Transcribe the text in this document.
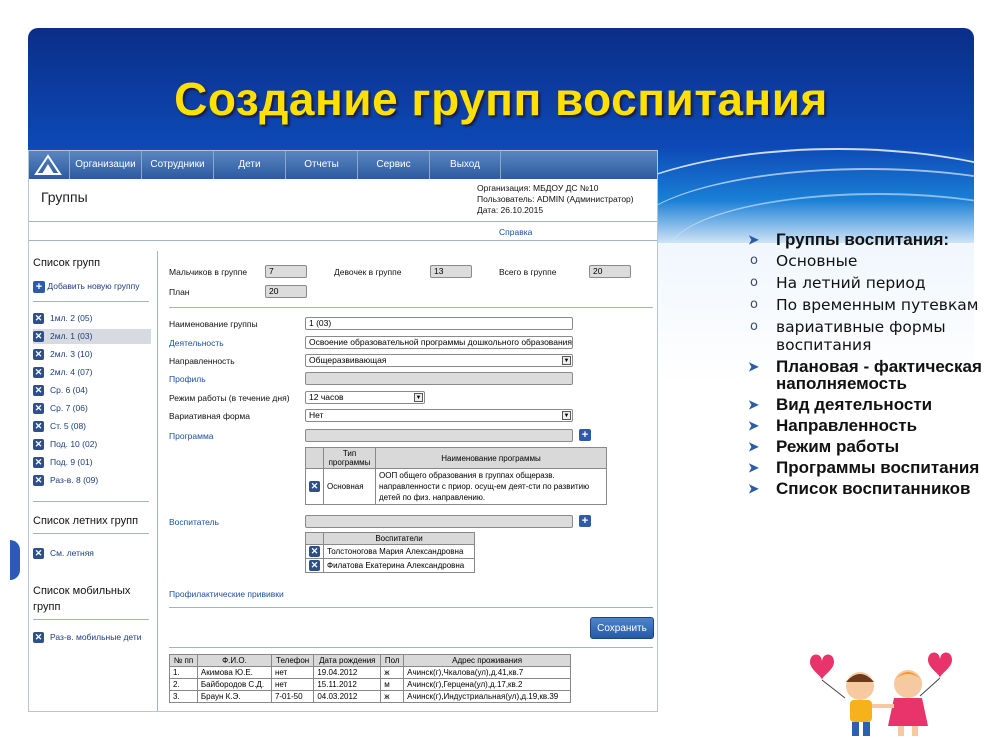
Создание групп воспитания
Организации	Сотрудники	Дети	Отчеты	Сервис	Выход
Группы
Организация: МБДОУ ДС №10
Пользователь: ADMIN (Администратор)
Дата: 26.10.2015
Справка
Список групп
+ Добавить новую группу
✕ 1мл. 2 (05)
✕ 2мл. 1 (03)
✕ 2мл. 3 (10)
✕ 2мл. 4 (07)
✕ Ср. 6 (04)
✕ Ср. 7 (06)
✕ Ст. 5 (08)
✕ Под. 10 (02)
✕ Под. 9 (01)
✕ Раз-в. 8 (09)
Список летних групп
✕ См. летняя
Список мобильных групп
✕ Раз-в. мобильные дети
Мальчиков в группе	7	Девочек в группе	13	Всего в группе	20
План	20
Наименование группы	1 (03)
Деятельность	Освоение образовательной программы дошкольного образования
Направленность	Общеразвивающая	▼
Профиль
Режим работы (в течение дня)	12 часов	▼
Вариативная форма	Нет	▼
Программа	+
	Тип программы	Наименование программы
✕	Основная	ООП общего образования в группах общеразв. направленности с приор. осущ-ем деят-сти по развитию детей по физ. направлению.
Воспитатель	+
	Воспитатели
✕	Толстоногова Мария Александровна
✕	Филатова Екатерина Александровна
Профилактические прививки
Сохранить
№ пп	Ф.И.О.	Телефон	Дата рождения	Пол	Адрес проживания
1.	Акимова Ю.Е.	нет	19.04.2012	ж	Ачинск(г),Чкалова(ул),д.41,кв.7
2.	Байбородов С.Д.	нет	15.11.2012	м	Ачинск(г),Герцена(ул),д.17,кв.2
3.	Браун К.Э.	7-01-50	04.03.2012	ж	Ачинск(г),Индустриальная(ул),д.19,кв.39
➤ Группы воспитания:
o Основные
o На летний период
o По временным путевкам
o вариативные формы воспитания
➤ Плановая - фактическая наполняемость
➤ Вид деятельности
➤ Направленность
➤ Режим работы
➤ Программы воспитания
➤ Список воспитанников
